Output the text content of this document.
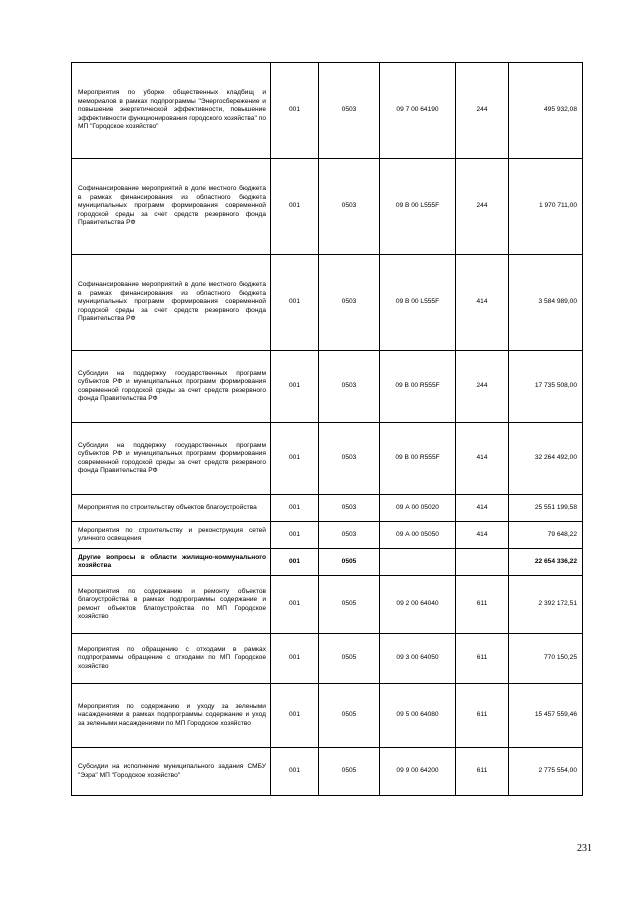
Мероприятия по уборке общественных кладбищ и мемориалов в рамках подпрограммы "Энергосбережение и повышение энергетической эффективности, повышение эффективности функционирования городского хозяйства" по МП "Городское хозяйство"	001	0503	09 7 00 64190	244	495 932,08
Софинансирование мероприятий в доле местного бюджета в рамках финансирования из областного бюджета муниципальных программ формирования современной городской среды за счет средств резервного фонда Правительства РФ	001	0503	09 В 00 L555F	244	1 970 711,00
Софинансирование мероприятий в доле местного бюджета в рамках финансирования из областного бюджета муниципальных программ формирования современной городской среды за счет средств резервного фонда Правительства РФ	001	0503	09 В 00 L555F	414	3 584 989,00
Субсидии на поддержку государственных программ субъектов РФ и муниципальных программ формирования современной городской среды за счет средств резервного фонда Правительства РФ	001	0503	09 В 00 R555F	244	17 735 508,00
Субсидии на поддержку государственных программ субъектов РФ и муниципальных программ формирования современной городской среды за счет средств резервного фонда Правительства РФ	001	0503	09 В 00 R555F	414	32 264 492,00
Мероприятия по строительству объектов благоустройства	001	0503	09 А 00 05020	414	25 551 199,58
Мероприятия по строительству и реконструкция сетей уличного освещения	001	0503	09 А 00 05050	414	79 648,22
Другие вопросы в области жилищно-коммунального хозяйства	001	0505			22 654 336,22
Мероприятия по содержанию и ремонту объектов благоустройства в рамках подпрограммы содержание и ремонт объектов благоустройства по МП Городское хозяйство	001	0505	09 2 00 64040	611	2 392 172,51
Мероприятия по обращению с отходами в рамках подпрограммы обращение с отходами по МП Городское хозяйство	001	0505	09 3 00 64050	611	770 150,25
Мероприятия по содержанию и уходу за зелеными насаждениями в рамках подпрограммы содержание и уход за зелеными насаждениями по МП Городское хозяйство	001	0505	09 5 00 64080	611	15 457 559,46
Субсидии на исполнение муниципального задания СМБУ "Эзра" МП "Городское хозяйство"	001	0505	09 9 00 64200	611	2 775 554,00
231
